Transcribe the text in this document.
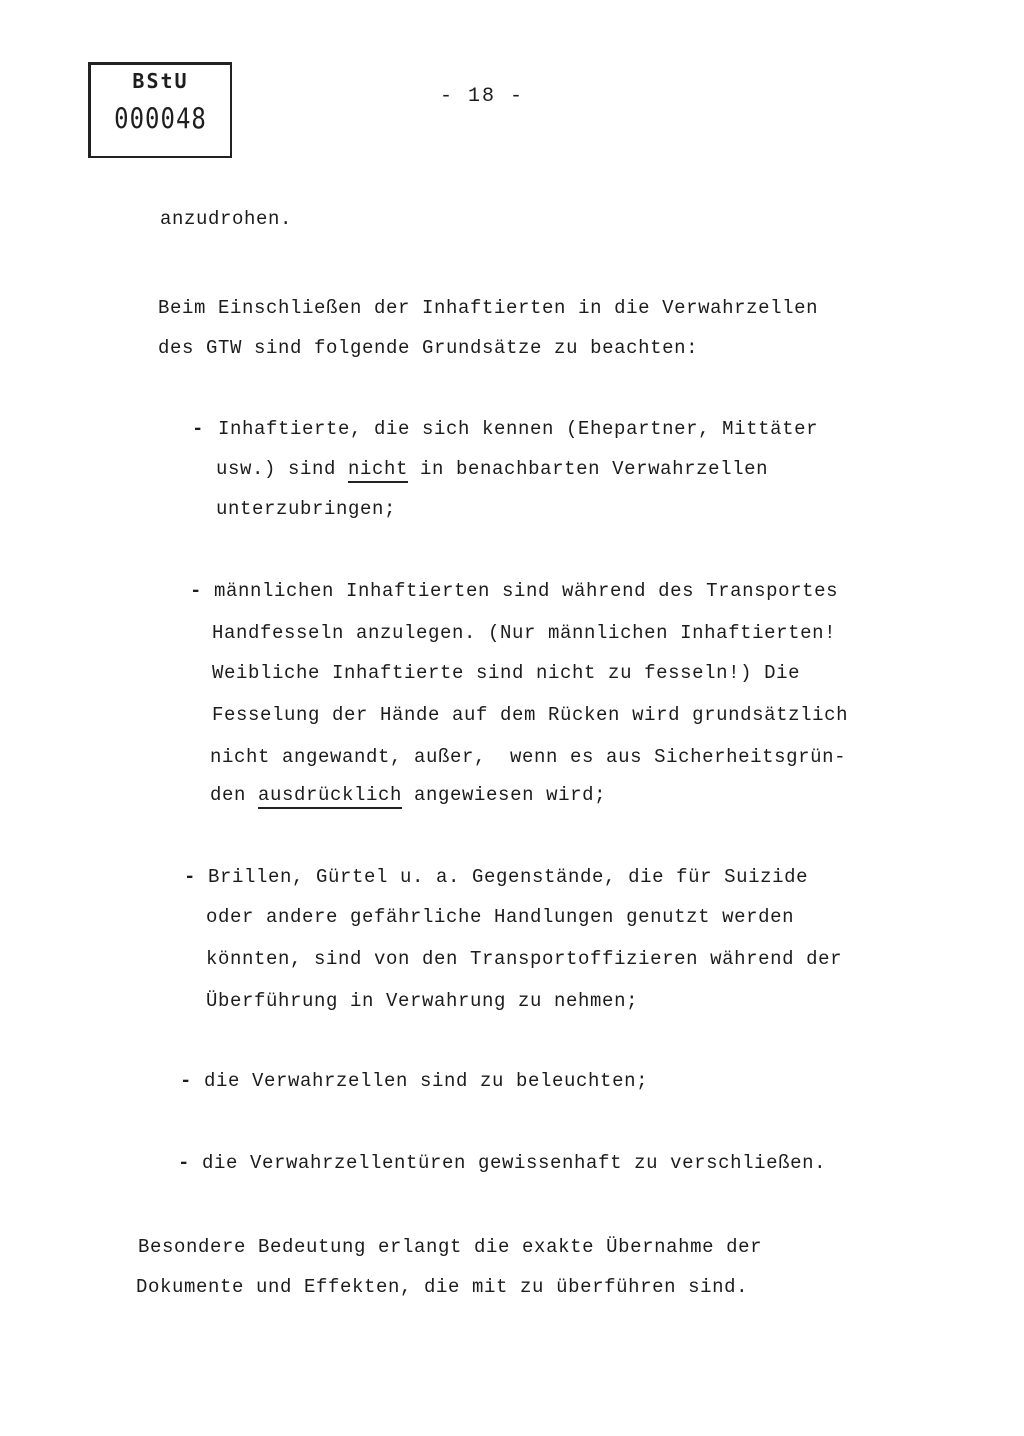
BStU
000048
- 18 -
anzudrohen.
Beim Einschließen der Inhaftierten in die Verwahrzellen
des GTW sind folgende Grundsätze zu beachten:
- Inhaftierte, die sich kennen (Ehepartner, Mittäter
usw.) sind nicht in benachbarten Verwahrzellen
unterzubringen;
- männlichen Inhaftierten sind während des Transportes
Handfesseln anzulegen. (Nur männlichen Inhaftierten!
Weibliche Inhaftierte sind nicht zu fesseln!) Die
Fesselung der Hände auf dem Rücken wird grundsätzlich
nicht angewandt, außer,  wenn es aus Sicherheitsgrün-
den ausdrücklich angewiesen wird;
- Brillen, Gürtel u. a. Gegenstände, die für Suizide
oder andere gefährliche Handlungen genutzt werden
könnten, sind von den Transportoffizieren während der
Überführung in Verwahrung zu nehmen;
- die Verwahrzellen sind zu beleuchten;
- die Verwahrzellentüren gewissenhaft zu verschließen.
Besondere Bedeutung erlangt die exakte Übernahme der
Dokumente und Effekten, die mit zu überführen sind.
